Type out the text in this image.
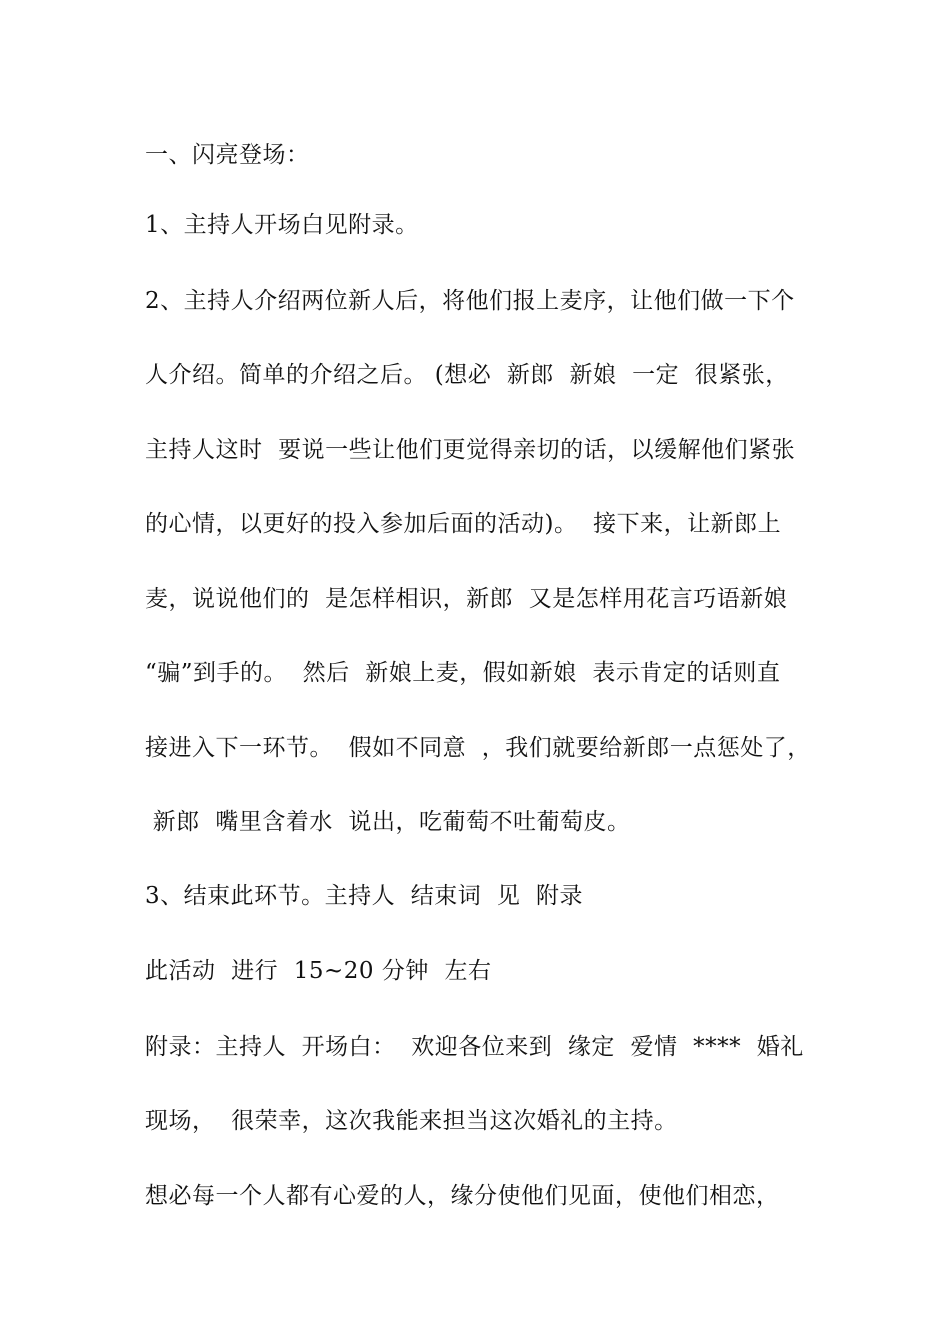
一、闪亮登场：
1、主持人开场白见附录。
2、主持人介绍两位新人后，将他们报上麦序，让他们做一下个
人介绍。简单的介绍之后。 (想必  新郎  新娘  一定  很紧张，
主持人这时  要说一些让他们更觉得亲切的话，以缓解他们紧张
的心情，以更好的投入参加后面的活动)。  接下来，让新郎上
麦，说说他们的  是怎样相识，新郎  又是怎样用花言巧语新娘
“骗”到手的。  然后  新娘上麦，假如新娘  表示肯定的话则直
接进入下一环节。  假如不同意  ，我们就要给新郎一点惩处了，
新郎  嘴里含着水  说出，吃葡萄不吐葡萄皮。
3、结束此环节。主持人  结束词  见  附录
此活动  进行  15~20 分钟  左右
附录：主持人  开场白：  欢迎各位来到  缘定  爱情  ****  婚礼
现场，  很荣幸，这次我能来担当这次婚礼的主持。
想必每一个人都有心爱的人，缘分使他们见面，使他们相恋，
